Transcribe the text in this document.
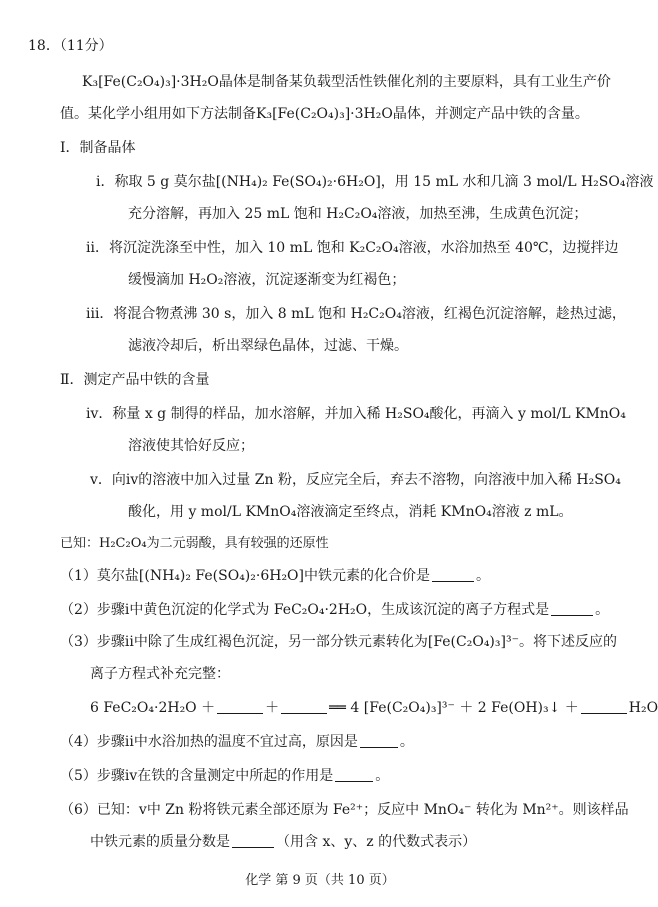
18．（11分）
K₃[Fe(C₂O₄)₃]·3H₂O晶体是制备某负载型活性铁催化剂的主要原料，具有工业生产价
值。某化学小组用如下方法制备K₃[Fe(C₂O₄)₃]·3H₂O晶体，并测定产品中铁的含量。
Ⅰ．制备晶体
ⅰ．称取 5 g 莫尔盐[(NH₄)₂ Fe(SO₄)₂·6H₂O]，用 15 mL 水和几滴 3 mol/L H₂SO₄溶液
充分溶解，再加入 25 mL 饱和 H₂C₂O₄溶液，加热至沸，生成黄色沉淀；
ⅱ．将沉淀洗涤至中性，加入 10 mL 饱和 K₂C₂O₄溶液，水浴加热至 40℃，边搅拌边
缓慢滴加 H₂O₂溶液，沉淀逐渐变为红褐色；
ⅲ．将混合物煮沸 30 s，加入 8 mL 饱和 H₂C₂O₄溶液，红褐色沉淀溶解，趁热过滤，
滤液冷却后，析出翠绿色晶体，过滤、干燥。
Ⅱ．测定产品中铁的含量
ⅳ．称量 x g 制得的样品，加水溶解，并加入稀 H₂SO₄酸化，再滴入 y mol/L KMnO₄
溶液使其恰好反应；
ⅴ．向ⅳ的溶液中加入过量 Zn 粉，反应完全后，弃去不溶物，向溶液中加入稀 H₂SO₄
酸化，用 y mol/L KMnO₄溶液滴定至终点，消耗 KMnO₄溶液 z mL。
已知：H₂C₂O₄为二元弱酸，具有较强的还原性
（1）莫尔盐[(NH₄)₂ Fe(SO₄)₂·6H₂O]中铁元素的化合价是	。
（2）步骤ⅰ中黄色沉淀的化学式为 FeC₂O₄·2H₂O，生成该沉淀的离子方程式是	。
（3）步骤ⅱ中除了生成红褐色沉淀，另一部分铁元素转化为[Fe(C₂O₄)₃]³⁻。将下述反应的
离子方程式补充完整：
6 FeC₂O₄·2H₂O ＋	＋	══ 4 [Fe(C₂O₄)₃]³⁻ ＋ 2 Fe(OH)₃↓ ＋	H₂O
（4）步骤ⅱ中水浴加热的温度不宜过高，原因是	。
（5）步骤ⅳ在铁的含量测定中所起的作用是	。
（6）已知：ⅴ中 Zn 粉将铁元素全部还原为 Fe²⁺；反应中 MnO₄⁻ 转化为 Mn²⁺。则该样品
中铁元素的质量分数是	（用含 x、y、z 的代数式表示）
化学 第 9 页（共 10 页）
